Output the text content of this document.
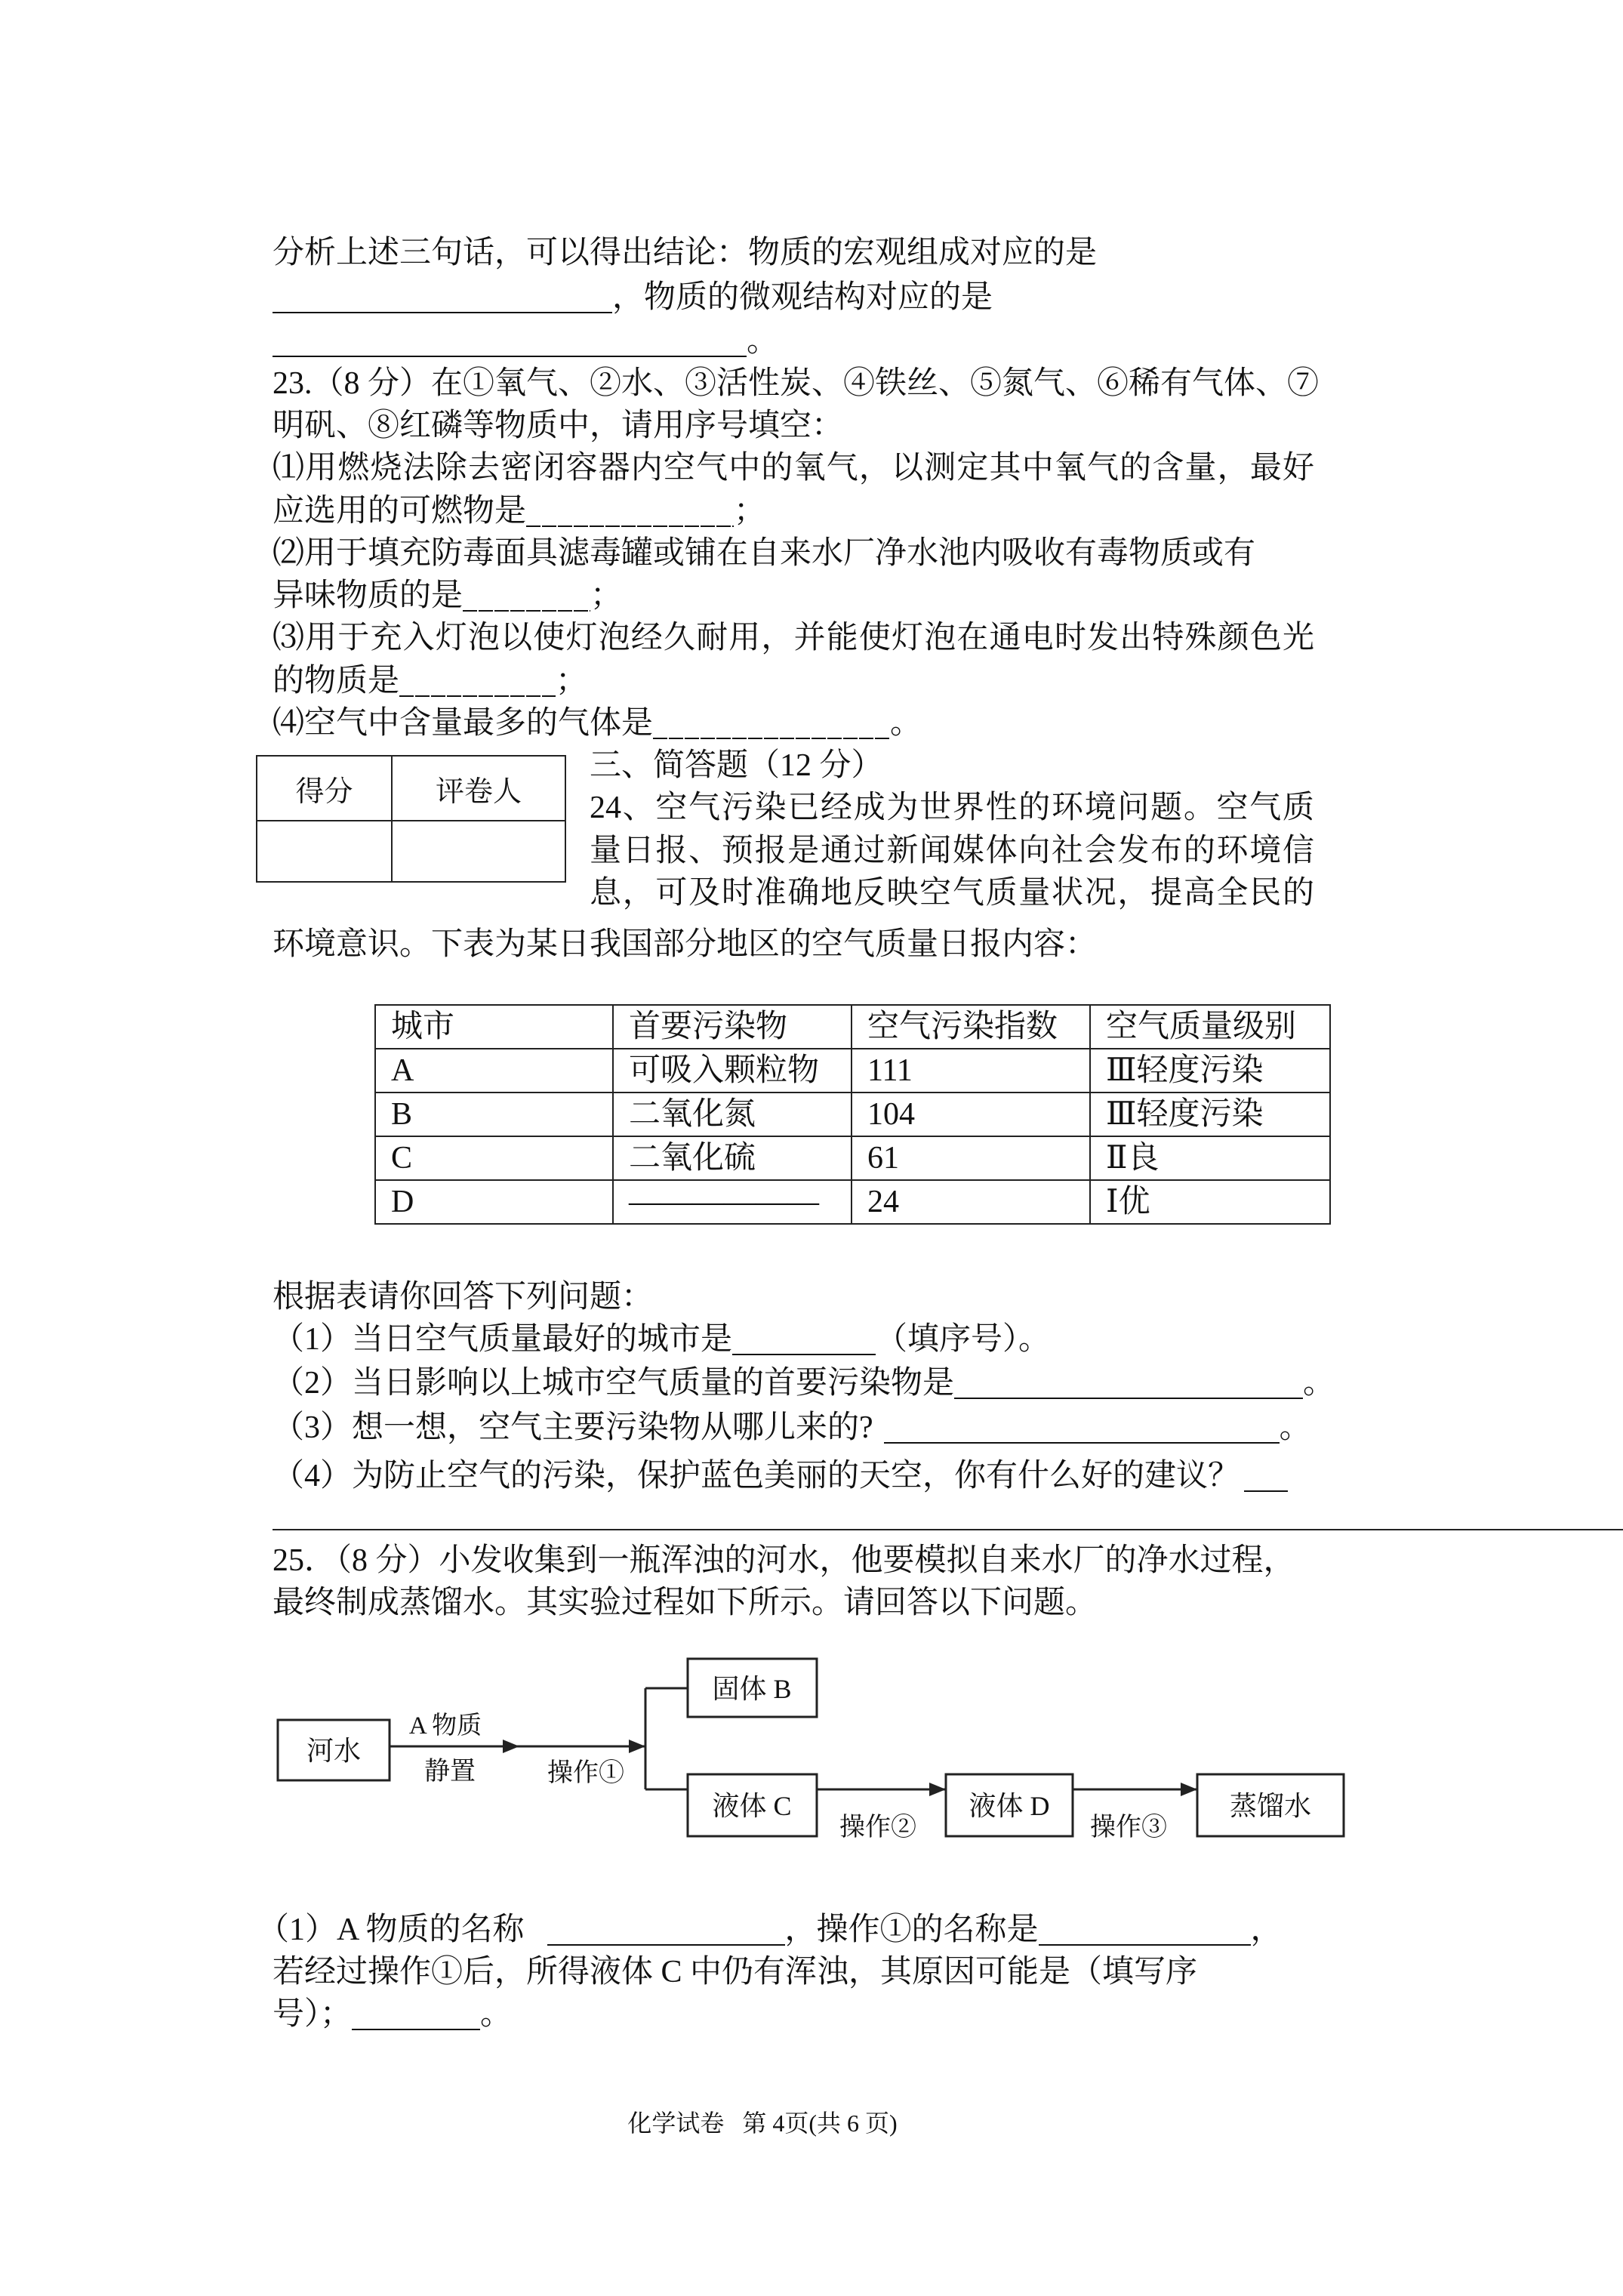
分析上述三句话，可以得出结论：物质的宏观组成对应的是
，物质的微观结构对应的是
。
23.（8 分）在①氧气、②水、③活性炭、④铁丝、⑤氮气、⑥稀有气体、⑦
明矾、⑧红磷等物质中，请用序号填空：
⑴用燃烧法除去密闭容器内空气中的氧气，以测定其中氧气的含量，最好
应选用的可燃物是	；
⑵用于填充防毒面具滤毒罐或铺在自来水厂净水池内吸收有毒物质或有
异味物质的是	；
⑶用于充入灯泡以使灯泡经久耐用，并能使灯泡在通电时发出特殊颜色光
的物质是	；
⑷空气中含量最多的气体是	。
得分	评卷人

三、简答题（12 分）
24、空气污染已经成为世界性的环境问题。空气质
量日报、预报是通过新闻媒体向社会发布的环境信
息，可及时准确地反映空气质量状况，提高全民的
环境意识。下表为某日我国部分地区的空气质量日报内容：
城市	首要污染物	空气污染指数	空气质量级别
A	可吸入颗粒物	111	Ⅲ轻度污染
B	二氧化氮	104	Ⅲ轻度污染
C	二氧化硫	61	Ⅱ良
D	——————	24	Ⅰ优
根据表请你回答下列问题：
（1）当日空气质量最好的城市是	（填序号）。
（2）当日影响以上城市空气质量的首要污染物是	。
（3）想一想，空气主要污染物从哪儿来的?	。
（4）为防止空气的污染，保护蓝色美丽的天空，你有什么好的建议？
25．（8 分）小发收集到一瓶浑浊的河水，他要模拟自来水厂的净水过程，
最终制成蒸馏水。其实验过程如下所示。请回答以下问题。
河水
A 物质
静置	操作①
固体 B
液体 C
操作②
液体 D
操作③
蒸馏水
（1）A 物质的名称	，操作①的名称是	，
若经过操作①后，所得液体 C 中仍有浑浊，其原因可能是（填写序
号）；	。
化学试卷   第 4页(共 6 页)
